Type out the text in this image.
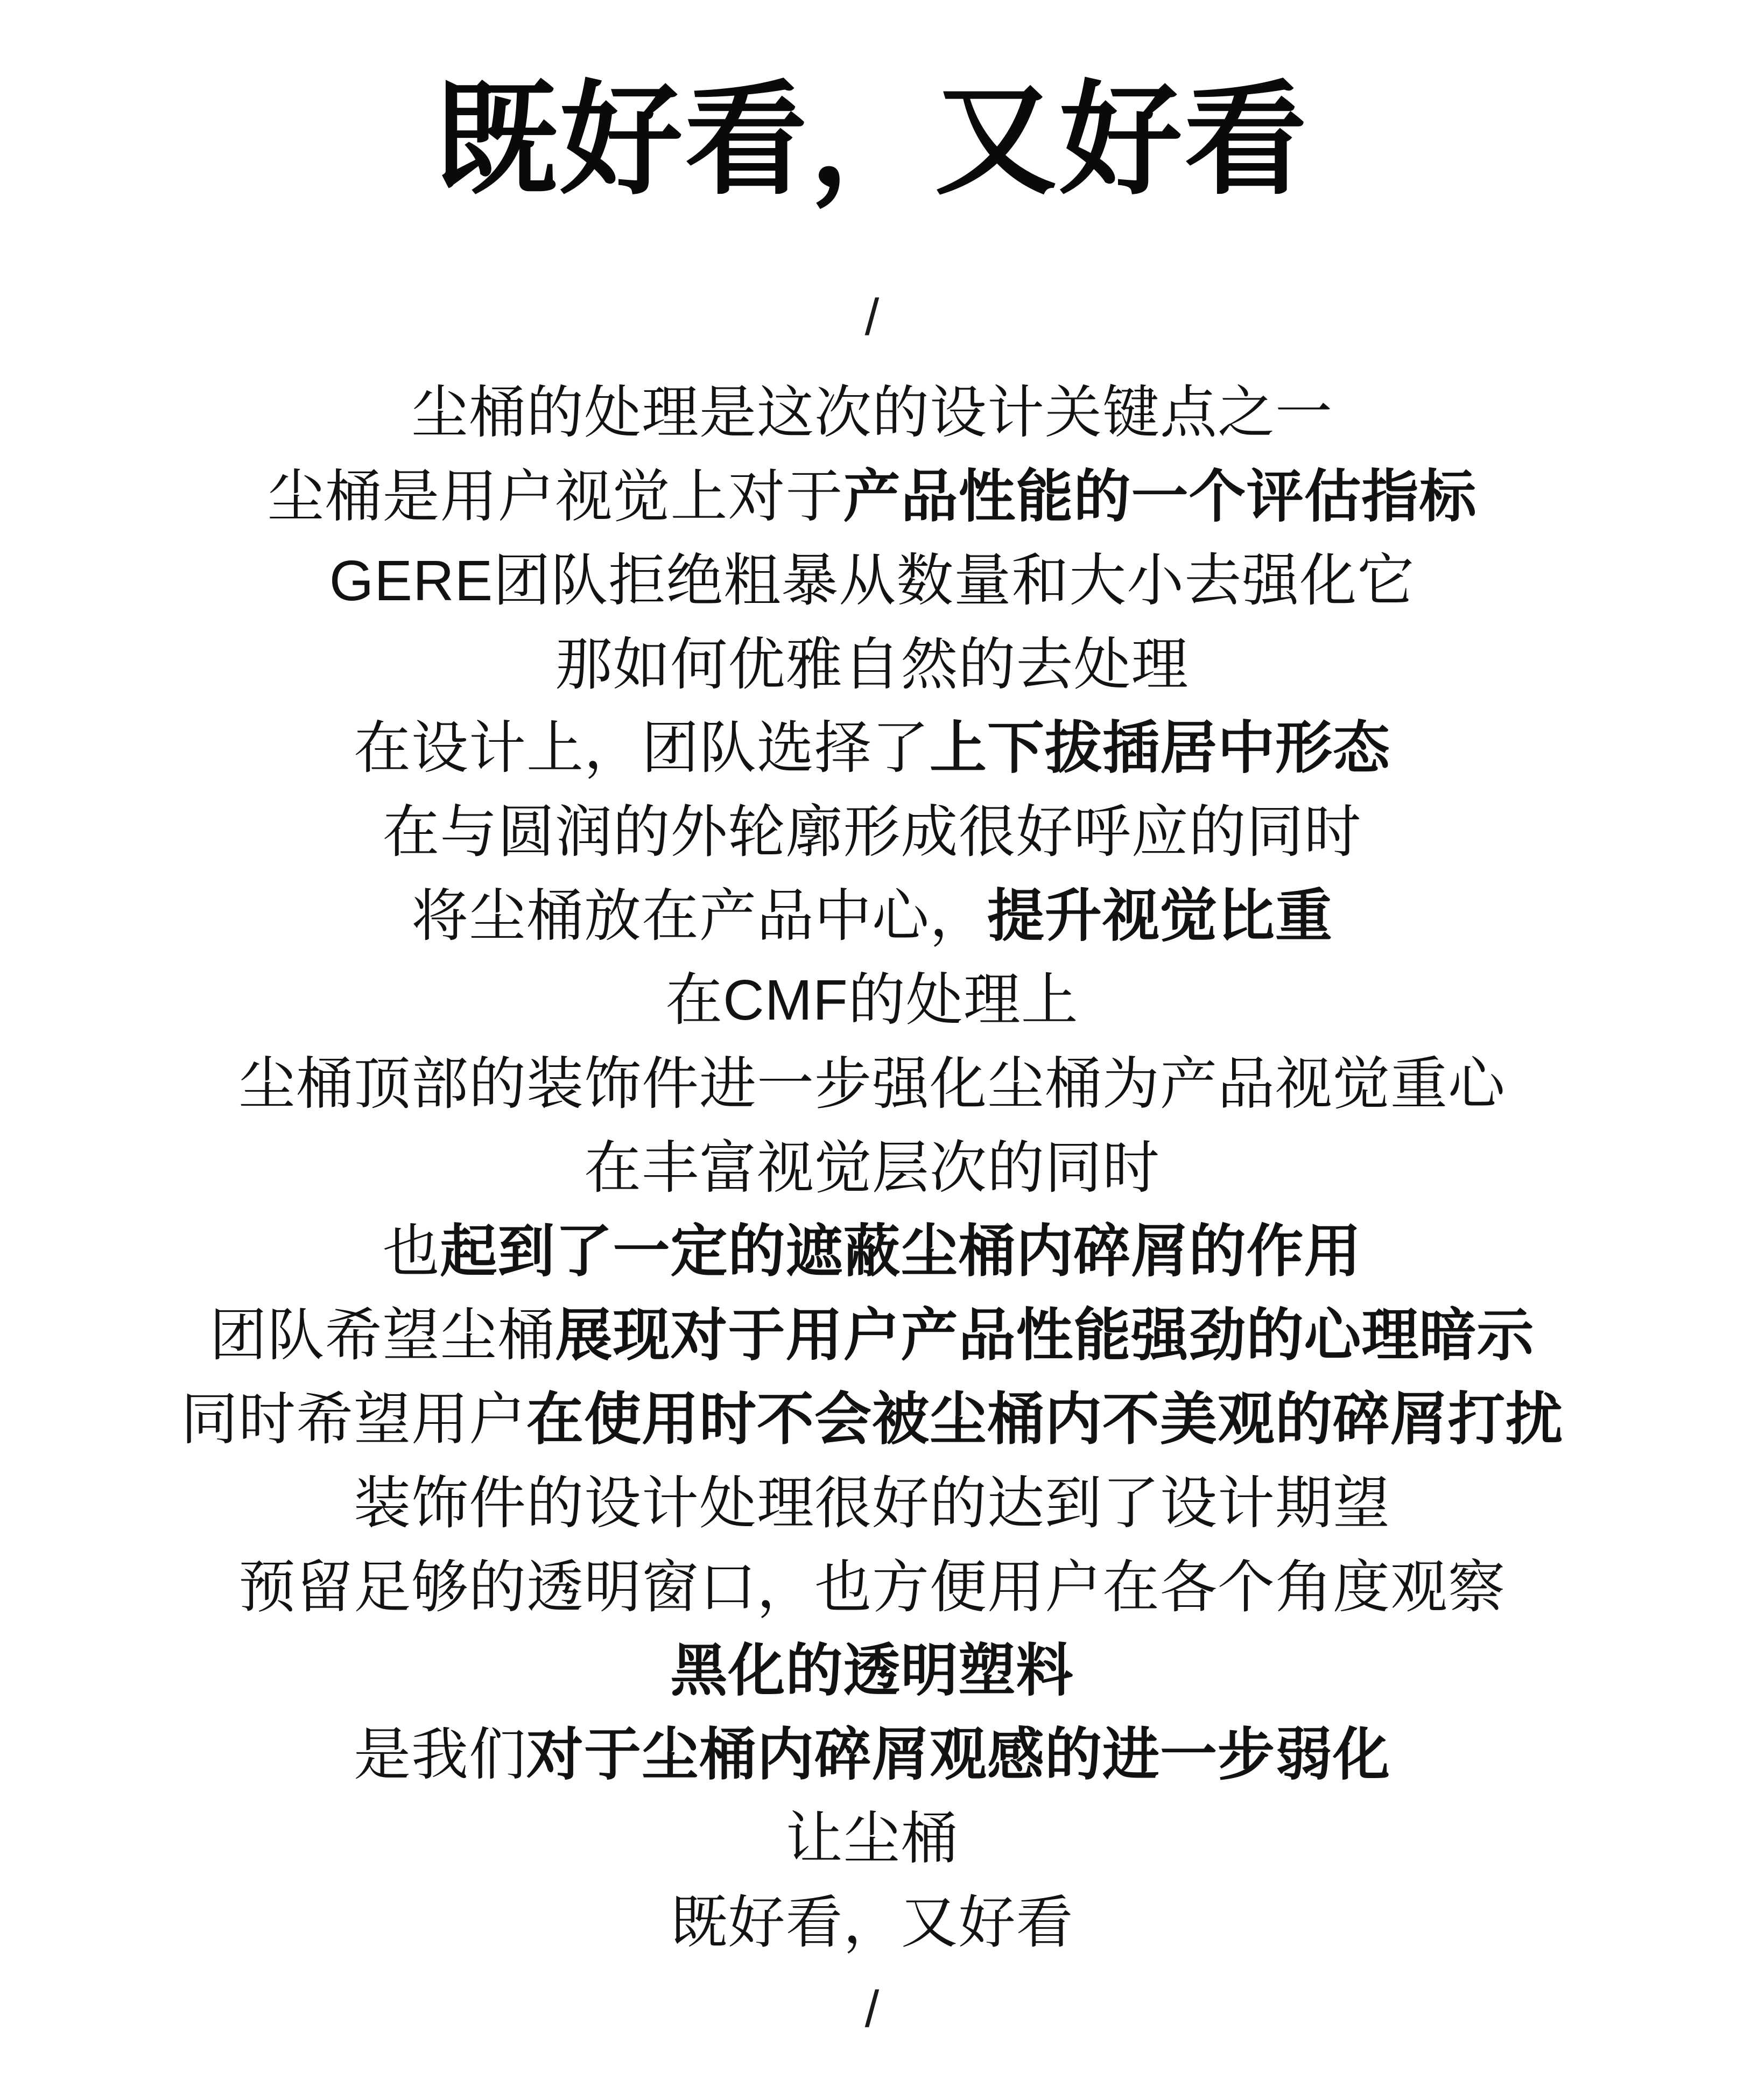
既好看，又好看
/
尘桶的处理是这次的设计关键点之一
尘桶是用户视觉上对于产品性能的一个评估指标
GERE团队拒绝粗暴从数量和大小去强化它
那如何优雅自然的去处理
在设计上，团队选择了上下拔插居中形态
在与圆润的外轮廓形成很好呼应的同时
将尘桶放在产品中心，提升视觉比重
在CMF的处理上
尘桶顶部的装饰件进一步强化尘桶为产品视觉重心
在丰富视觉层次的同时
也起到了一定的遮蔽尘桶内碎屑的作用
团队希望尘桶展现对于用户产品性能强劲的心理暗示
同时希望用户在使用时不会被尘桶内不美观的碎屑打扰
装饰件的设计处理很好的达到了设计期望
预留足够的透明窗口，也方便用户在各个角度观察
黑化的透明塑料
是我们对于尘桶内碎屑观感的进一步弱化
让尘桶
既好看，又好看
/
